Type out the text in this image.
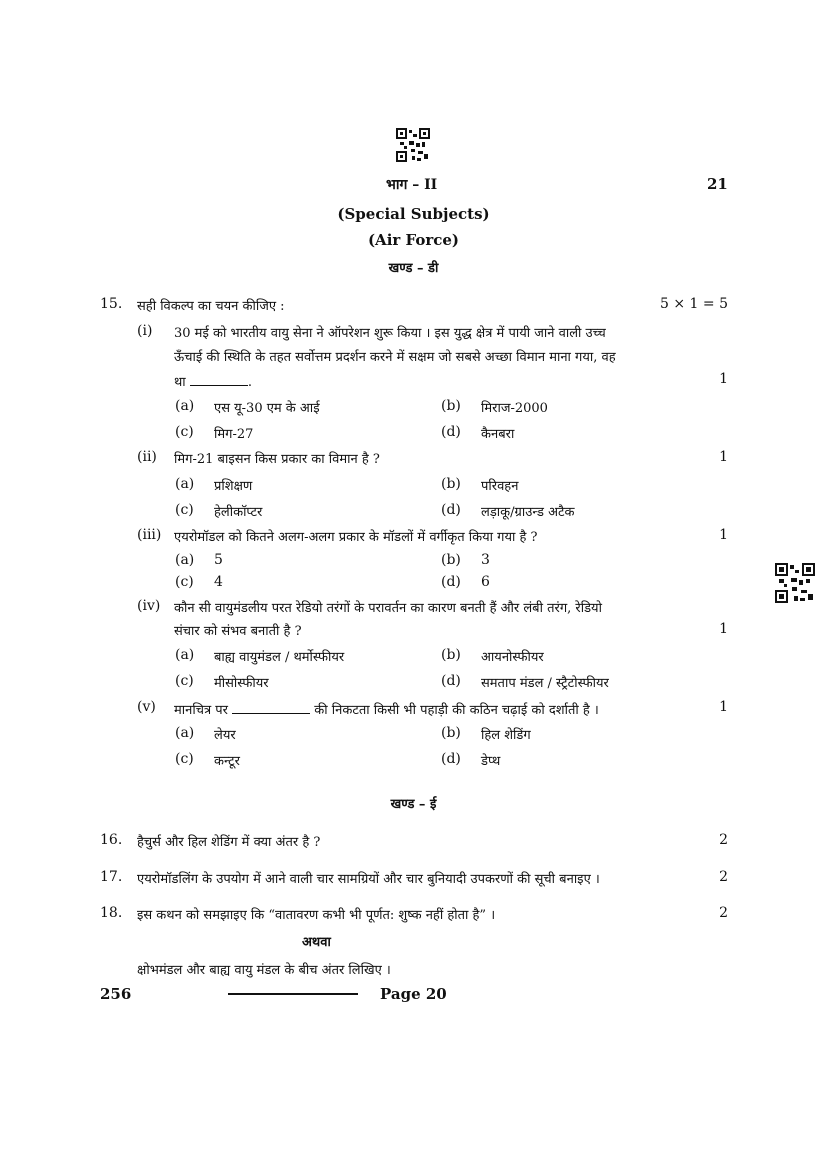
भाग – II	21
(Special Subjects)
(Air Force)
खण्ड – डी
15. सही विकल्प का चयन कीजिए :	5 × 1 = 5
(i) 30 मई को भारतीय वायु सेना ने ऑपरेशन शुरू किया । इस युद्ध क्षेत्र में पायी जाने वाली उच्च
ऊँचाई की स्थिति के तहत सर्वोत्तम प्रदर्शन करने में सक्षम जो सबसे अच्छा विमान माना गया, वह
था	.	1
(a) एस यू-30 एम के आई	(b) मिराज-2000
(c) मिग-27	(d) कैनबरा
(ii) मिग-21 बाइसन किस प्रकार का विमान है ?	1
(a) प्रशिक्षण	(b) परिवहन
(c) हेलीकॉप्टर	(d) लड़ाकू/ग्राउन्ड अटैक
(iii) एयरोमॉडल को कितने अलग-अलग प्रकार के मॉडलों में वर्गीकृत किया गया है ?	1
(a) 5	(b) 3
(c) 4	(d) 6
(iv) कौन सी वायुमंडलीय परत रेडियो तरंगों के परावर्तन का कारण बनती हैं और लंबी तरंग, रेडियो
संचार को संभव बनाती है ?	1
(a) बाह्य वायुमंडल / थर्मोस्फीयर	(b) आयनोस्फीयर
(c) मीसोस्फीयर	(d) समताप मंडल / स्ट्रैटोस्फीयर
(v) मानचित्र पर	की निकटता किसी भी पहाड़ी की कठिन चढ़ाई को दर्शाती है ।	1
(a) लेयर	(b) हिल शेडिंग
(c) कन्टूर	(d) डेप्थ
खण्ड – ई
16. हैचुर्स और हिल शेडिंग में क्या अंतर है ?	2
17. एयरोमॉडलिंग के उपयोग में आने वाली चार सामग्रियों और चार बुनियादी उपकरणों की सूची बनाइए ।	2
18. इस कथन को समझाइए कि “वातावरण कभी भी पूर्णत: शुष्क नहीं होता है” ।	2
अथवा
क्षोभमंडल और बाह्य वायु मंडल के बीच अंतर लिखिए ।
256	Page 20
